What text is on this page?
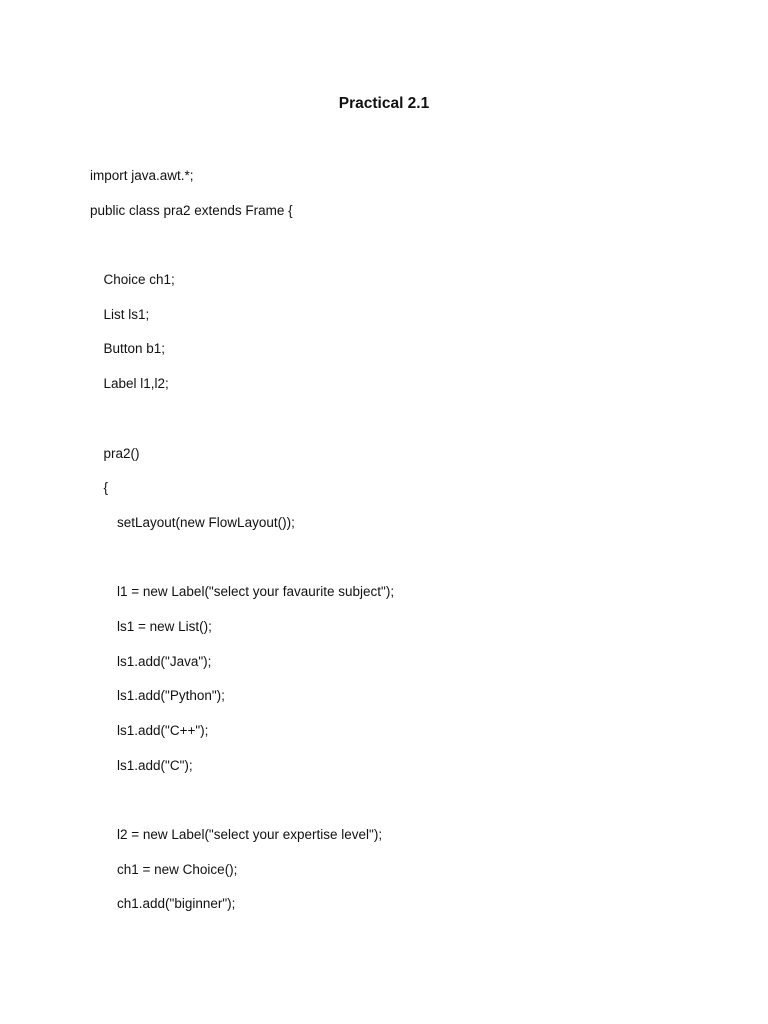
Practical 2.1
import java.awt.*;
public class pra2 extends Frame {
Choice ch1;
List ls1;
Button b1;
Label l1,l2;
pra2()
{
setLayout(new FlowLayout());
l1 = new Label("select your favaurite subject");
ls1 = new List();
ls1.add("Java");
ls1.add("Python");
ls1.add("C++");
ls1.add("C");
l2 = new Label("select your expertise level");
ch1 = new Choice();
ch1.add("biginner");
